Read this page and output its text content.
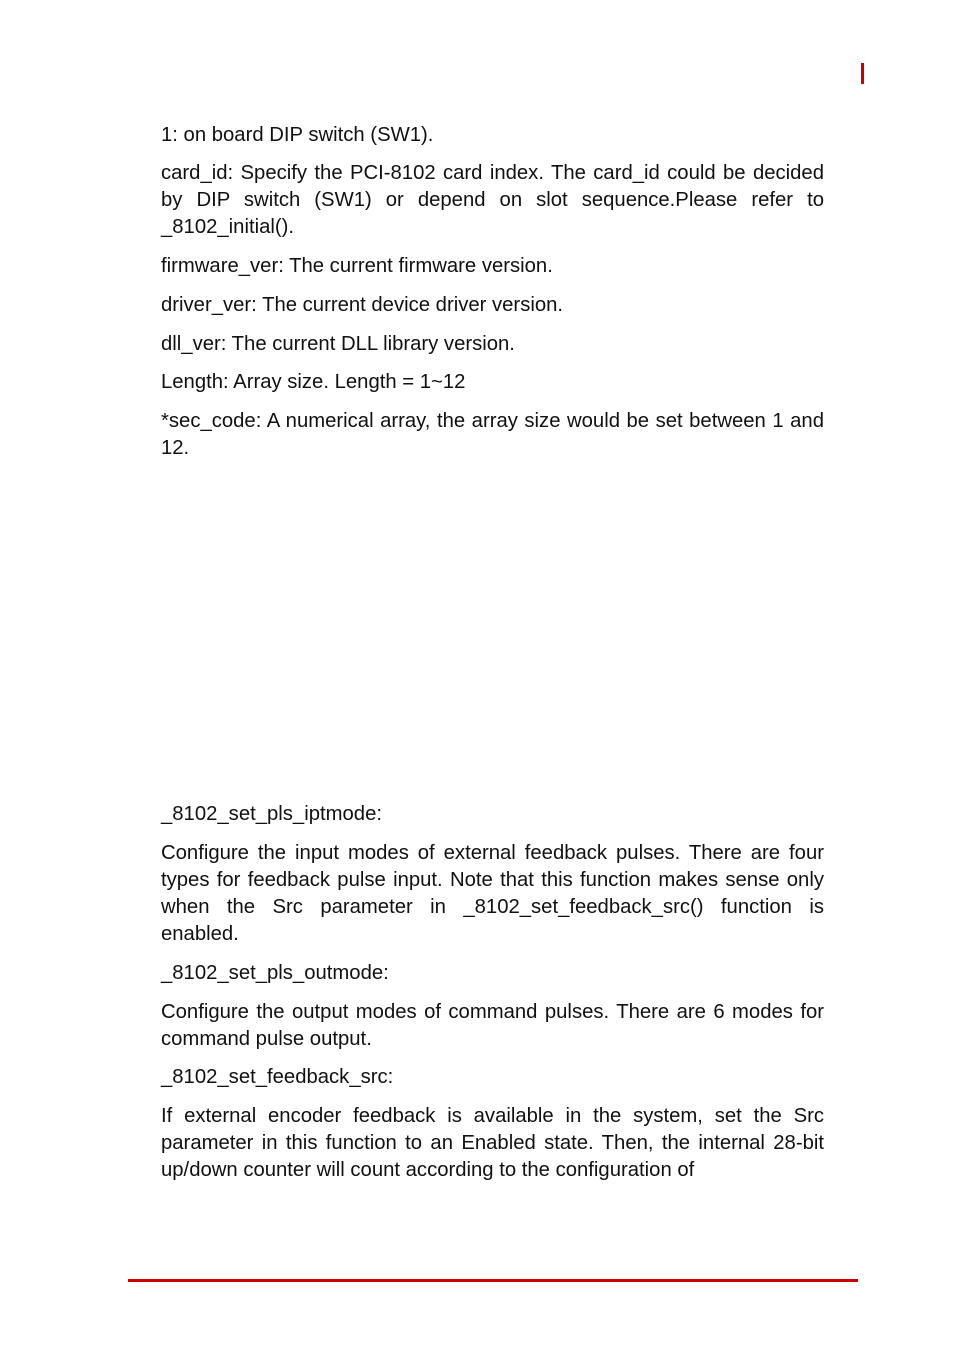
1: on board DIP switch (SW1).

card_id: Specify the PCI-8102 card index. The card_id could be decided by DIP switch (SW1) or depend on slot sequence.Please refer to _8102_initial().

firmware_ver: The current firmware version.

driver_ver: The current device driver version.

dll_ver: The current DLL library version.

Length: Array size. Length = 1~12

*sec_code: A numerical array, the array size would be set between 1 and 12.

_8102_set_pls_iptmode:

Configure the input modes of external feedback pulses. There are four types for feedback pulse input. Note that this function makes sense only when the Src parameter in _8102_set_feedback_src() function is enabled.

_8102_set_pls_outmode:

Configure the output modes of command pulses. There are 6 modes for command pulse output.

_8102_set_feedback_src:

If external encoder feedback is available in the system, set the Src parameter in this function to an Enabled state. Then, the internal 28-bit up/down counter will count according to the configuration of
